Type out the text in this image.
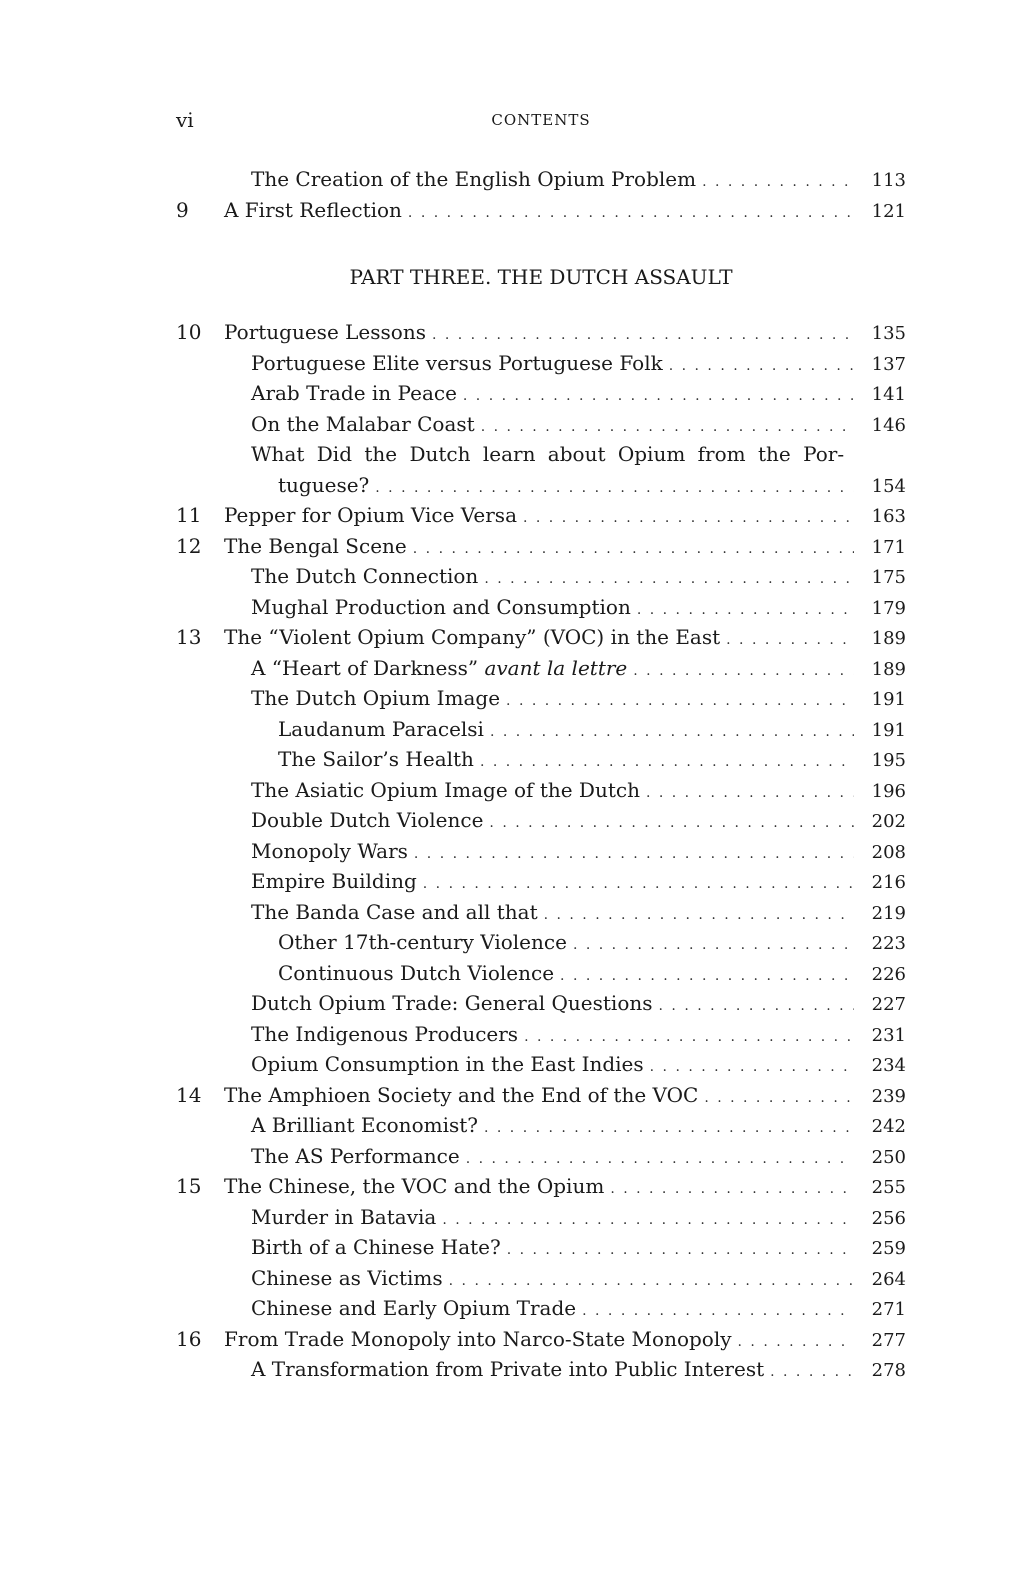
vi	CONTENTS
The Creation of the English Opium Problem . . .	113
9	A First Reflection . . .	121
PART THREE. THE DUTCH ASSAULT
10	Portuguese Lessons . . .	135
Portuguese Elite versus Portuguese Folk . . .	137
Arab Trade in Peace . . .	141
On the Malabar Coast . . .	146
What Did the Dutch learn about Opium from the Por-
tuguese? . . .	154
11	Pepper for Opium Vice Versa . . .	163
12	The Bengal Scene . . .	171
The Dutch Connection . . .	175
Mughal Production and Consumption . . .	179
13	The “Violent Opium Company” (VOC) in the East . . .	189
A “Heart of Darkness”
avant la lettre . . .	189
The Dutch Opium Image . . .	191
Laudanum Paracelsi . . .	191
The Sailor’s Health . . .	195
The Asiatic Opium Image of the Dutch . . .	196
Double Dutch Violence . . .	202
Monopoly Wars . . .	208
Empire Building . . .	216
The Banda Case and all that . . .	219
Other 17th-century Violence . . .	223
Continuous Dutch Violence . . .	226
Dutch Opium Trade: General Questions . . .	227
The Indigenous Producers . . .	231
Opium Consumption in the East Indies . . .	234
14	The Amphioen Society and the End of the VOC . . .	239
A Brilliant Economist? . . .	242
The AS Performance . . .	250
15	The Chinese, the VOC and the Opium . . .	255
Murder in Batavia . . .	256
Birth of a Chinese Hate? . . .	259
Chinese as Victims . . .	264
Chinese and Early Opium Trade . . .	271
16	From Trade Monopoly into Narco-State Monopoly . . .	277
A Transformation from Private into Public Interest . . .	278
